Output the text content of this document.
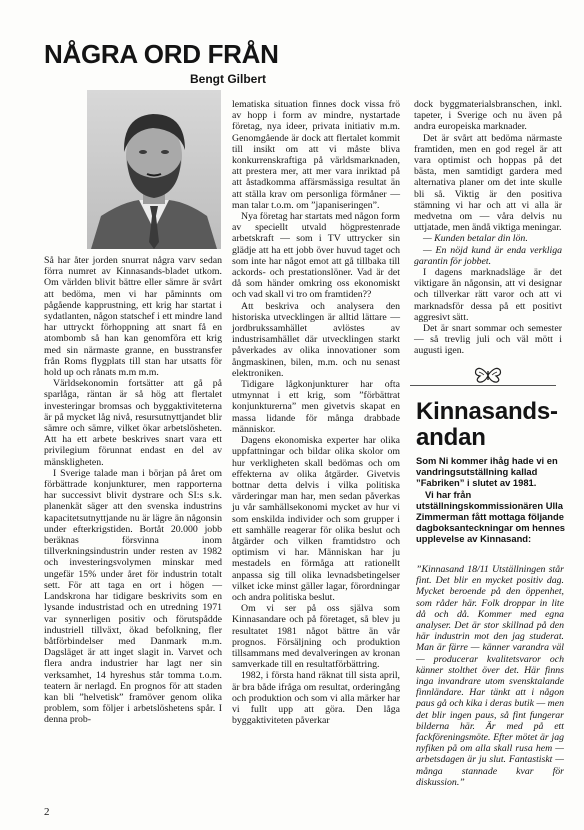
NÅGRA ORD FRÅN
Bengt Gilbert

Så har åter jorden snurrat några varv sedan förra numret av Kinnasands-bladet utkom. Om världen blivit bättre eller sämre är svårt att bedöma, men vi har påminnts om pågående kapprustning, ett krig har startat i sydatlanten, någon statschef i ett mindre land har uttryckt förhoppning att snart få en atombomb så han kan genomföra ett krig med sin närmaste granne, en busstransfer från Roms flygplats till stan har utsatts för hold up och rånats m.m m.m.

Världsekonomin fortsätter att gå på sparlåga, räntan är så hög att flertalet investeringar bromsas och byggaktiviteterna är på mycket låg nivå, resursutnyttjandet blir sämre och sämre, vilket ökar arbetslösheten. Att ha ett arbete beskrives snart vara ett privilegium förunnat endast en del av mänskligheten.

I Sverige talade man i början på året om förbättrade konjunkturer, men rapporterna har successivt blivit dystrare och SI:s s.k. planenkät säger att den svenska industrins kapacitetsutnyttjande nu är lägre än någonsin under efterkrigstiden. Bortåt 20.000 jobb beräknas försvinna inom tillverkningsindustrin under resten av 1982 och investeringsvolymen minskar med ungefär 15% under året för industrin totalt sett. För att taga en ort i högen — Landskrona har tidigare beskrivits som en lysande industristad och en utredning 1971 var synnerligen positiv och förutspådde industriell tillväxt, ökad befolkning, fler båtförbindelser med Danmark m.m. Dagsläget är att inget slagit in. Varvet och flera andra industrier har lagt ner sin verksamhet, 14 hyreshus står tomma t.o.m. teatern är nerlagd. En prognos för att staden kan bli ”helvetisk” framöver genom olika problem, som följer i arbetslöshetens spår. I denna prob-

lematiska situation finnes dock vissa frö av hopp i form av mindre, nystartade företag, nya ideer, privata initiativ m.m. Genomgående är dock att flertalet kommit till insikt om att vi måste bliva konkurrenskraftiga på världsmarknaden, att prestera mer, att mer vara inriktad på att åstadkomma affärsmässiga resultat än att ställa krav om personliga förmåner — man talar t.o.m. om ”japaniseringen”.

Nya företag har startats med någon form av speciellt utvald högprestenrade arbetskraft — som i TV uttrycker sin glädje att ha ett jobb över huvud taget och som inte har något emot att gå tillbaka till ackords- och prestationslöner. Vad är det då som händer omkring oss ekonomiskt och vad skall vi tro om framtiden??

Att beskriva och analysera den historiska utvecklingen är alltid lättare — jordbrukssamhället avlöstes av industrisamhället där utvecklingen starkt påverkades av olika innovationer som ångmaskinen, bilen, m.m. och nu senast elektroniken.

Tidigare lågkonjunkturer har ofta utmynnat i ett krig, som ”förbättrat konjunkturerna” men givetvis skapat en massa lidande för många drabbade människor.

Dagens ekonomiska experter har olika uppfattningar och bildar olika skolor om hur verkligheten skall bedömas och om effekterna av olika åtgärder. Givetvis bottnar detta delvis i vilka politiska värderingar man har, men sedan påverkas ju vår samhällsekonomi mycket av hur vi som enskilda individer och som grupper i ett samhälle reagerar för olika beslut och åtgärder och vilken framtidstro och optimism vi har. Människan har ju mestadels en förmåga att rationellt anpassa sig till olika levnadsbetingelser vilket icke minst gäller lagar, förordningar och andra politiska beslut.

Om vi ser på oss själva som Kinnasandare och på företaget, så blev ju resultatet 1981 något bättre än vår prognos. Försäljning och produktion tillsammans med devalveringen av kronan samverkade till en resultatförbättring.

1982, i första hand räknat till sista april, är bra både ifråga om resultat, orderingång och produktion och som vi alla märker har vi fullt upp att göra. Den låga byggaktiviteten påverkar

dock byggmaterialsbranschen, inkl. tapeter, i Sverige och nu även på andra europeiska marknader.

Det är svårt att bedöma närmaste framtiden, men en god regel är att vara optimist och hoppas på det bästa, men samtidigt gardera med alternativa planer om det inte skulle bli så. Viktig är den positiva stämning vi har och att vi alla är medvetna om — våra delvis nu uttjatade, men ändå viktiga meningar.

— Kunden betalar din lön.

— En nöjd kund är enda verkliga garantin för jobbet.

I dagens marknadsläge är det viktigare än någonsin, att vi designar och tillverkar rätt varor och att vi marknadsför dessa på ett positivt aggresivt sätt.

Det är snart sommar och semester — så trevlig juli och väl mött i augusti igen.

Kinnasands-andan
Som Ni kommer ihåg hade vi en vandringsutställning kallad ”Fabriken” i slutet av 1981.
Vi har från utställningskommissionären Ulla Zimmerman fått mottaga följande dagboksanteckningar om hennes upplevelse av Kinnasand:

”Kinnasand 18/11 Utställningen står fint. Det blir en mycket positiv dag. Mycket beroende på den öppenhet, som råder här. Folk droppar in lite då och då. Kommer med egna analyser. Det är stor skillnad på den här industrin mot den jag studerat. Man är färre — känner varandra väl — producerar kvalitetsvaror och känner stolthet över det. Här finns inga invandrare utom svensktalande finnländare. Har tänkt att i någon paus gå och kika i deras butik — men det blir ingen paus, så fint fungerar bilderna här. Är med på ett fackföreningsmöte. Efter mötet är jag nyfiken på om alla skall rusa hem — arbetsdagen är ju slut. Fantastiskt — många stannade kvar för diskussion.”

2
